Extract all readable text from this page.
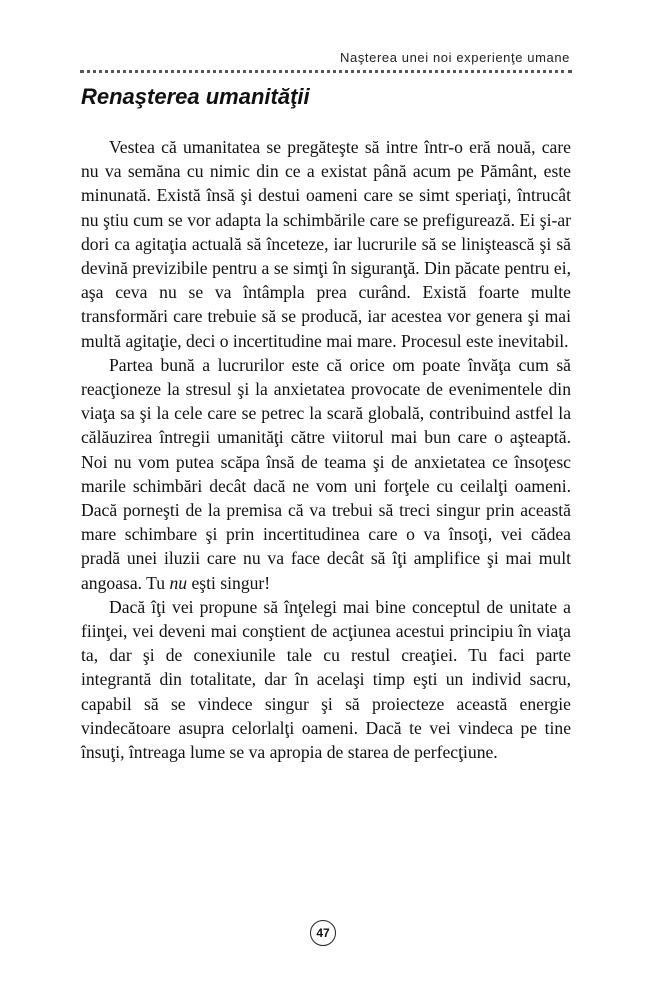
Naşterea unei noi experienţe umane
Renaşterea umanităţii

Vestea că umanitatea se pregăteşte să intre într-o eră nouă, care nu va semăna cu nimic din ce a existat până acum pe Pământ, este minunată. Există însă şi destui oameni care se simt speriaţi, întrucât nu ştiu cum se vor adapta la schimbările care se prefigurează. Ei şi-ar dori ca agitaţia actuală să înceteze, iar lucrurile să se liniştească şi să devină previzibile pentru a se simţi în siguranţă. Din păcate pentru ei, aşa ceva nu se va întâmpla prea curând. Există foarte multe transformări care trebuie să se producă, iar acestea vor genera şi mai multă agitaţie, deci o incertitudine mai mare. Procesul este inevitabil.

Partea bună a lucrurilor este că orice om poate învăţa cum să reacţioneze la stresul şi la anxietatea provocate de evenimentele din viaţa sa şi la cele care se petrec la scară globală, contribuind astfel la călăuzirea întregii umanităţi către viitorul mai bun care o aşteaptă. Noi nu vom putea scăpa însă de teama şi de anxietatea ce însoţesc marile schimbări decât dacă ne vom uni forţele cu ceilalţi oameni. Dacă porneşti de la premisa că va trebui să treci singur prin această mare schimbare şi prin incertitudinea care o va însoţi, vei cădea pradă unei iluzii care nu va face decât să îţi amplifice şi mai mult angoasa. Tu nu eşti singur!

Dacă îţi vei propune să înţelegi mai bine conceptul de unitate a fiinţei, vei deveni mai conştient de acţiunea acestui principiu în viaţa ta, dar şi de conexiunile tale cu restul creaţiei. Tu faci parte integrantă din totalitate, dar în acelaşi timp eşti un individ sacru, capabil să se vindece singur şi să proiecteze această energie vindecătoare asupra celorlalţi oameni. Dacă te vei vindeca pe tine însuţi, întreaga lume se va apropia de starea de perfecţiune.

47
